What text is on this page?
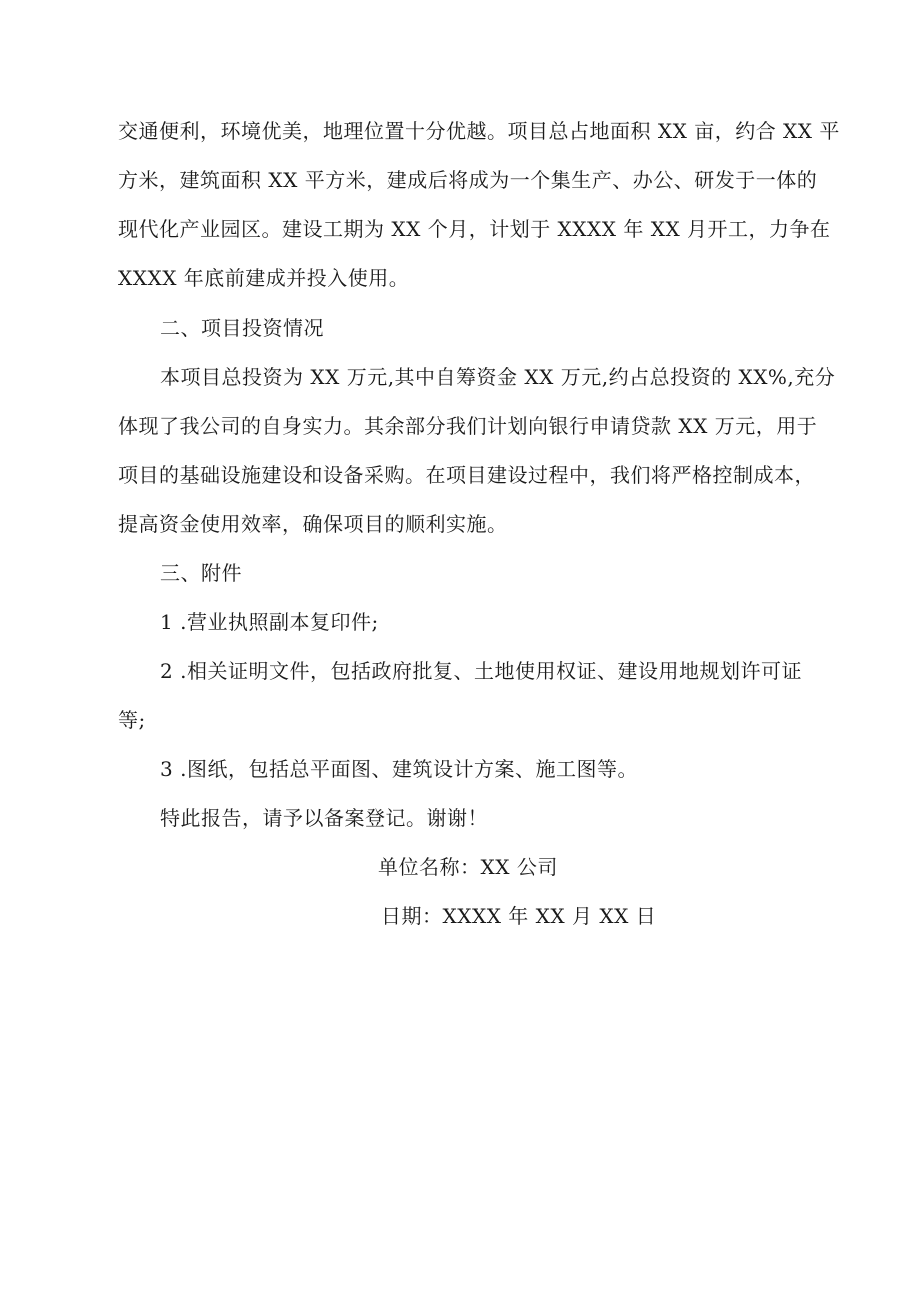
交通便利，环境优美，地理位置十分优越。项目总占地面积 XX 亩，约合 XX 平
方米，建筑面积 XX 平方米，建成后将成为一个集生产、办公、研发于一体的
现代化产业园区。建设工期为 XX 个月，计划于 XXXX 年 XX 月开工，力争在
XXXX 年底前建成并投入使用。
二、项目投资情况
本项目总投资为 XX 万元,其中自筹资金 XX 万元,约占总投资的 XX%,充分
体现了我公司的自身实力。其余部分我们计划向银行申请贷款 XX 万元，用于
项目的基础设施建设和设备采购。在项目建设过程中，我们将严格控制成本，
提高资金使用效率，确保项目的顺利实施。
三、附件
1 .营业执照副本复印件;
2 .相关证明文件，包括政府批复、土地使用权证、建设用地规划许可证
等;
3 .图纸，包括总平面图、建筑设计方案、施工图等。
特此报告，请予以备案登记。谢谢！
单位名称：XX 公司
日期：XXXX 年 XX 月 XX 日
